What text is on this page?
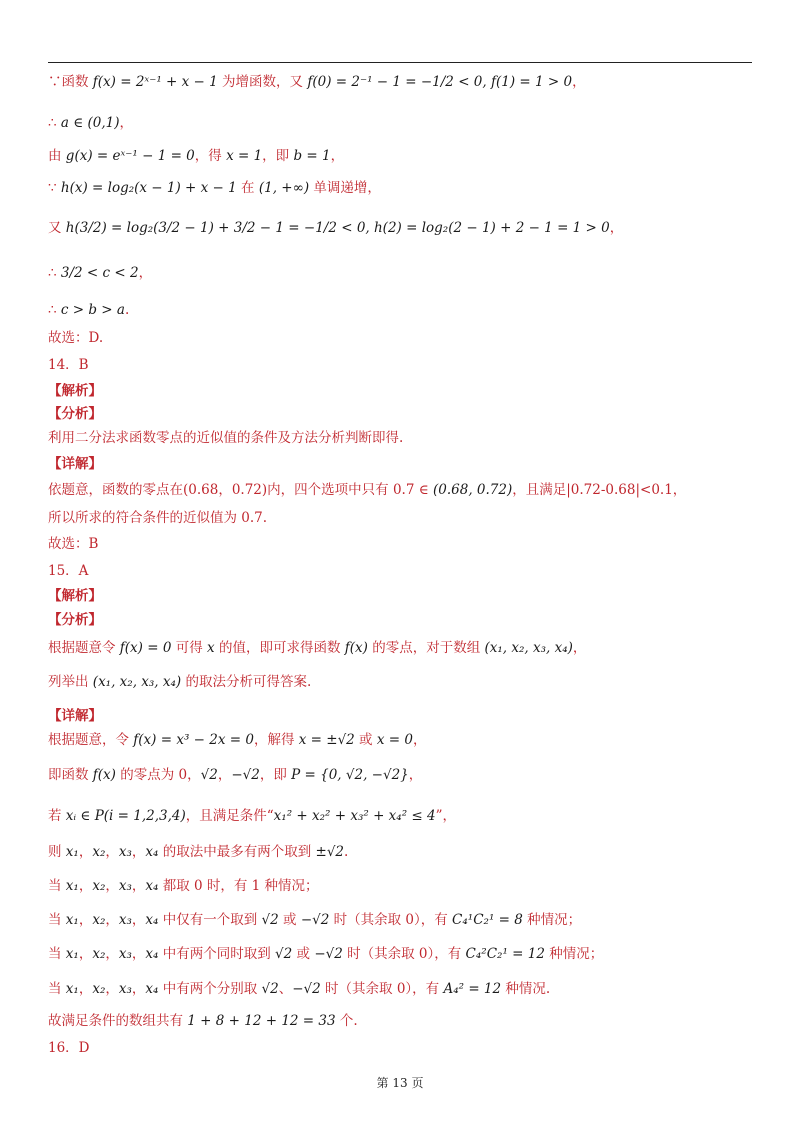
∵函数 f(x) = 2ˣ⁻¹ + x − 1 为增函数，又 f(0) = 2⁻¹ − 1 = −1/2 < 0, f(1) = 1 > 0，
∴ a ∈ (0,1)，
由 g(x) = eˣ⁻¹ − 1 = 0，得 x = 1，即 b = 1，
∵ h(x) = log₂(x − 1) + x − 1 在 (1, +∞) 单调递增，
又 h(3/2) = log₂(3/2 − 1) + 3/2 − 1 = −1/2 < 0, h(2) = log₂(2 − 1) + 2 − 1 = 1 > 0，
∴ 3/2 < c < 2，
∴ c > b > a.
故选：D.
14．B
【解析】
【分析】
利用二分法求函数零点的近似值的条件及方法分析判断即得.
【详解】
依题意，函数的零点在(0.68，0.72)内，四个选项中只有 0.7 ∈ (0.68, 0.72)，且满足|0.72-0.68|<0.1，
所以所求的符合条件的近似值为 0.7.
故选：B
15．A
【解析】
【分析】
根据题意令 f(x) = 0 可得 x 的值，即可求得函数 f(x) 的零点，对于数组 (x₁, x₂, x₃, x₄)，
列举出 (x₁, x₂, x₃, x₄) 的取法分析可得答案.
【详解】
根据题意，令 f(x) = x³ − 2x = 0，解得 x = ±√2 或 x = 0，
即函数 f(x) 的零点为 0，√2，−√2，即 P = {0, √2, −√2}，
若 xᵢ ∈ P(i = 1,2,3,4)，且满足条件“x₁² + x₂² + x₃² + x₄² ≤ 4”，
则 x₁，x₂，x₃，x₄ 的取法中最多有两个取到 ±√2.
当 x₁，x₂，x₃，x₄ 都取 0 时，有 1 种情况；
当 x₁，x₂，x₃，x₄ 中仅有一个取到 √2 或 −√2 时（其余取 0），有 C₄¹C₂¹ = 8 种情况；
当 x₁，x₂，x₃，x₄ 中有两个同时取到 √2 或 −√2 时（其余取 0），有 C₄²C₂¹ = 12 种情况；
当 x₁，x₂，x₃，x₄ 中有两个分别取 √2、−√2 时（其余取 0），有 A₄² = 12 种情况.
故满足条件的数组共有 1 + 8 + 12 + 12 = 33 个.
16．D
第 13 页
